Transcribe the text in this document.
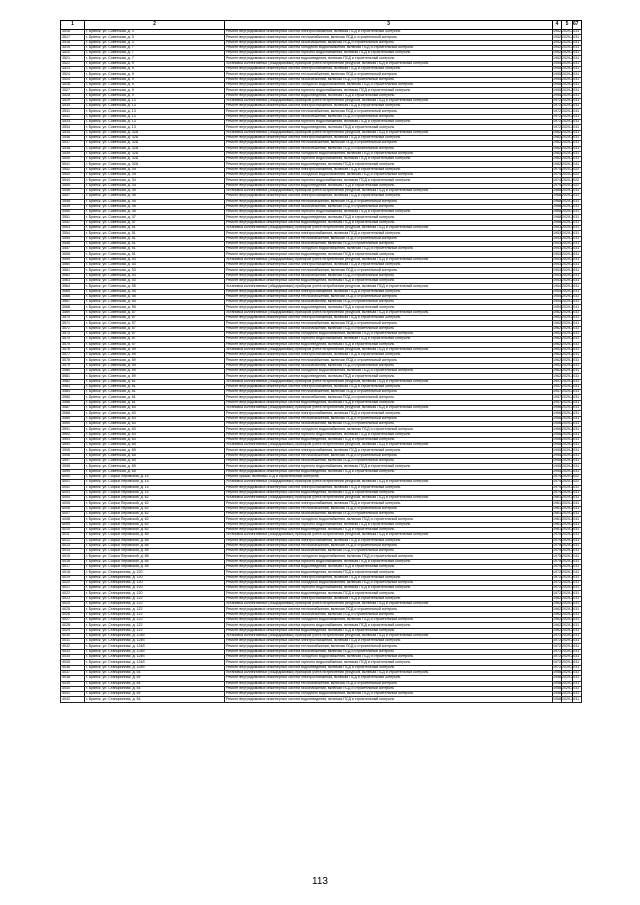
1	2	3	4	5	6	7
3516	г. Брянск, ул. Советская, д. 3	Ремонт внутридомовых инженерных систем электроснабжения, включая ПСД и строительный контроль	1952	2029-2031		
3517	г. Брянск, ул. Советская, д. 3	Ремонт внутридомовых инженерных систем теплоснабжения, включая ПСД и строительный контроль	1952	2029-2031		
3518	г. Брянск, ул. Советская, д. 3	Ремонт внутридомовых инженерных систем газоснабжения, включая ПСД и строительный контроль	1952	2029-2031		
3519	г. Брянск, ул. Советская, д. 7	Ремонт внутридомовых инженерных систем холодного водоснабжения, включая ПСД и строительный контроль	1952	2029-2031		
3520	г. Брянск, ул. Советская, д. 7	Ремонт внутридомовых инженерных систем горячего водоснабжения, включая ПСД и строительный контроль	1952	2029-2031		
3521	г. Брянск, ул. Советская, д. 7	Ремонт внутридомовых инженерных систем водоотведения, включая ПСД и строительный контроль	1952	2029-2031		
3522	г. Брянск, ул. Советская, д. 9	Установка коллективных (общедомовых) приборов учета потребления ресурсов, включая ПСД и строительный контроль	1955	2029-2031		
3523	г. Брянск, ул. Советская, д. 9	Ремонт внутридомовых инженерных систем электроснабжения, включая ПСД и строительный контроль	1955	2029-2031		
3524	г. Брянск, ул. Советская, д. 9	Ремонт внутридомовых инженерных систем теплоснабжения, включая ПСД и строительный контроль	1955	2029-2031		
3525	г. Брянск, ул. Советская, д. 9	Ремонт внутридомовых инженерных систем газоснабжения, включая ПСД и строительный контроль	1955	2029-2031		
3526	г. Брянск, ул. Советская, д. 9	Ремонт внутридомовых инженерных систем холодного водоснабжения, включая ПСД и строительный контроль	1955	2029-2031		
3527	г. Брянск, ул. Советская, д. 9	Ремонт внутридомовых инженерных систем горячего водоснабжения, включая ПСД и строительный контроль	1955	2029-2031		
3528	г. Брянск, ул. Советская, д. 9	Ремонт внутридомовых инженерных систем водоотведения, включая ПСД и строительный контроль	1955	2029-2031		
3529	г. Брянск, ул. Советская, д. 13	Установка коллективных (общедомовых) приборов учета потребления ресурсов, включая ПСД и строительный контроль	1972	2029-2031		
3530	г. Брянск, ул. Советская, д. 13	Ремонт внутридомовых инженерных систем электроснабжения, включая ПСД и строительный контроль	1972	2029-2031		
3531	г. Брянск, ул. Советская, д. 13	Ремонт внутридомовых инженерных систем теплоснабжения, включая ПСД и строительный контроль	1972	2029-2031		
3532	г. Брянск, ул. Советская, д. 13	Ремонт внутридомовых инженерных систем газоснабжения, включая ПСД и строительный контроль	1972	2029-2031		
3533	г. Брянск, ул. Советская, д. 13	Ремонт внутридомовых инженерных систем горячего водоснабжения, включая ПСД и строительный контроль	1972	2029-2031		
3534	г. Брянск, ул. Советская, д. 13	Ремонт внутридомовых инженерных систем водоотведения, включая ПСД и строительный контроль	1972	2029-2031		
3535	г. Брянск, ул. Советская, д. 32А	Установка коллективных (общедомовых) приборов учета потребления ресурсов, включая ПСД и строительный контроль	1982	2029-2031		
3536	г. Брянск, ул. Советская, д. 32А	Ремонт внутридомовых инженерных систем электроснабжения, включая ПСД и строительный контроль	1982	2029-2031		
3537	г. Брянск, ул. Советская, д. 32А	Ремонт внутридомовых инженерных систем теплоснабжения, включая ПСД и строительный контроль	1982	2029-2031		
3538	г. Брянск, ул. Советская, д. 32А	Ремонт внутридомовых инженерных систем газоснабжения, включая ПСД и строительный контроль	1982	2029-2031		
3539	г. Брянск, ул. Советская, д. 32А	Ремонт внутридомовых инженерных систем холодного водоснабжения, включая ПСД и строительный контроль	1982	2029-2031		
3540	г. Брянск, ул. Советская, д. 32А	Ремонт внутридомовых инженерных систем горячего водоснабжения, включая ПСД и строительный контроль	1982	2029-2031		
3541	г. Брянск, ул. Советская, д. 32А	Ремонт внутридомовых инженерных систем водоотведения, включая ПСД и строительный контроль	1982	2029-2031		
3542	г. Брянск, ул. Советская, д. 34	Ремонт внутридомовых инженерных систем электроснабжения, включая ПСД и строительный контроль	1974	2020-2022		
3543	г. Брянск, ул. Советская, д. 34	Ремонт внутридомовых инженерных систем холодного водоснабжения, включая ПСД и строительный контроль	1974	2020-2022		
3544	г. Брянск, ул. Советская, д. 34	Ремонт внутридомовых инженерных систем горячего водоснабжения, включая ПСД и строительный контроль	1974	2020-2022		
3545	г. Брянск, ул. Советская, д. 34	Ремонт внутридомовых инженерных систем водоотведения, включая ПСД и строительный контроль	1974	2020-2022		
3546	г. Брянск, ул. Советская, д. 45	Установка коллективных (общедомовых) приборов учета потребления ресурсов, включая ПСД и строительный контроль	1968	2029-2031		
3547	г. Брянск, ул. Советская, д. 45	Ремонт внутридомовых инженерных систем электроснабжения, включая ПСД и строительный контроль	1968	2029-2031		
3548	г. Брянск, ул. Советская, д. 45	Ремонт внутридомовых инженерных систем теплоснабжения, включая ПСД и строительный контроль	1968	2029-2031		
3549	г. Брянск, ул. Советская, д. 45	Ремонт внутридомовых инженерных систем газоснабжения, включая ПСД и строительный контроль	1968	2029-2031		
3550	г. Брянск, ул. Советская, д. 45	Ремонт внутридомовых инженерных систем горячего водоснабжения, включая ПСД и строительный контроль	1968	2029-2031		
3551	г. Брянск, ул. Советская, д. 47	Ремонт внутридомовых инженерных систем водоотведения, включая ПСД и строительный контроль	1968	2029-2031		
3552	г. Брянск, ул. Советская, д. 47	Ремонт внутридомовых инженерных систем водоотведения, включая ПСД и строительный контроль	1968	2029-2031		
3553	г. Брянск, ул. Советская, д. 51	Установка коллективных (общедомовых) приборов учета потребления ресурсов, включая ПСД и строительный контроль	1953	2029-2031		
3554	г. Брянск, ул. Советская, д. 51	Ремонт внутридомовых инженерных систем электроснабжения, включая ПСД и строительный контроль	1953	2029-2031		
3555	г. Брянск, ул. Советская, д. 51	Ремонт внутридомовых инженерных систем теплоснабжения, включая ПСД и строительный контроль	1953	2029-2031		
3556	г. Брянск, ул. Советская, д. 51	Ремонт внутридомовых инженерных систем газоснабжения, включая ПСД и строительный контроль	1953	2029-2031		
3557	г. Брянск, ул. Советская, д. 51	Ремонт внутридомовых инженерных систем холодного водоснабжения, включая ПСД и строительный контроль	1953	2029-2031		
3558	г. Брянск, ул. Советская, д. 51	Ремонт внутридомовых инженерных систем водоотведения, включая ПСД и строительный контроль	1953	2029-2031		
3559	г. Брянск, ул. Советская, д. 53	Установка коллективных (общедомовых) приборов учета потребления ресурсов, включая ПСД и строительный контроль	1953	2029-2031		
3560	г. Брянск, ул. Советская, д. 53	Ремонт внутридомовых инженерных систем электроснабжения, включая ПСД и строительный контроль	1953	2029-2031		
3561	г. Брянск, ул. Советская, д. 53	Ремонт внутридомовых инженерных систем теплоснабжения, включая ПСД и строительный контроль	1953	2029-2031		
3562	г. Брянск, ул. Советская, д. 53	Ремонт внутридомовых инженерных систем газоснабжения, включая ПСД и строительный контроль	1953	2029-2031		
3563	г. Брянск, ул. Советская, д. 53	Ремонт внутридомовых инженерных систем водоотведения, включая ПСД и строительный контроль	1953	2029-2031		
3564	г. Брянск, ул. Советская, д. 55	Установка коллективных (общедомовых) приборов учета потребления ресурсов, включая ПСД и строительный контроль	1954	2029-2031		
3565	г. Брянск, ул. Советская, д. 55	Ремонт внутридомовых инженерных систем электроснабжения, включая ПСД и строительный контроль	1954	2029-2031		
3566	г. Брянск, ул. Советская, д. 55	Ремонт внутридомовых инженерных систем теплоснабжения, включая ПСД и строительный контроль	1954	2029-2031		
3567	г. Брянск, ул. Советская, д. 55	Ремонт внутридомовых инженерных систем газоснабжения, включая ПСД и строительный контроль	1954	2029-2031		
3568	г. Брянск, ул. Советская, д. 55	Ремонт внутридомовых инженерных систем водоотведения, включая ПСД и строительный контроль	1954	2029-2031		
3569	г. Брянск, ул. Советская, д. 57	Установка коллективных (общедомовых) приборов учета потребления ресурсов, включая ПСД и строительный контроль	1962	2029-2031		
3570	г. Брянск, ул. Советская, д. 57	Ремонт внутридомовых инженерных систем электроснабжения, включая ПСД и строительный контроль	1962	2029-2031		
3571	г. Брянск, ул. Советская, д. 57	Ремонт внутридомовых инженерных систем теплоснабжения, включая ПСД и строительный контроль	1962	2029-2031		
3572	г. Брянск, ул. Советская, д. 57	Ремонт внутридомовых инженерных систем газоснабжения, включая ПСД и строительный контроль	1962	2029-2031		
3573	г. Брянск, ул. Советская, д. 57	Ремонт внутридомовых инженерных систем холодного водоснабжения, включая ПСД и строительный контроль	1962	2029-2031		
3574	г. Брянск, ул. Советская, д. 57	Ремонт внутридомовых инженерных систем горячего водоснабжения, включая ПСД и строительный контроль	1962	2029-2031		
3575	г. Брянск, ул. Советская, д. 57	Ремонт внутридомовых инженерных систем водоотведения, включая ПСД и строительный контроль	1962	2029-2031		
3576	г. Брянск, ул. Советская, д. 59	Установка коллективных (общедомовых) приборов учета потребления ресурсов, включая ПСД и строительный контроль	1962	2029-2031		
3577	г. Брянск, ул. Советская, д. 59	Ремонт внутридомовых инженерных систем электроснабжения, включая ПСД и строительный контроль	1962	2029-2031		
3578	г. Брянск, ул. Советская, д. 59	Ремонт внутридомовых инженерных систем теплоснабжения, включая ПСД и строительный контроль	1962	2029-2031		
3579	г. Брянск, ул. Советская, д. 59	Ремонт внутридомовых инженерных систем газоснабжения, включая ПСД и строительный контроль	1962	2029-2031		
3580	г. Брянск, ул. Советская, д. 59	Ремонт внутридомовых инженерных систем холодного водоснабжения, включая ПСД и строительный контроль	1962	2029-2031		
3581	г. Брянск, ул. Советская, д. 59	Ремонт внутридомовых инженерных систем водоотведения, включая ПСД и строительный контроль	1962	2029-2031		
3582	г. Брянск, ул. Советская, д. 61	Установка коллективных (общедомовых) приборов учета потребления ресурсов, включая ПСД и строительный контроль	1957	2029-2031		
3583	г. Брянск, ул. Советская, д. 61	Ремонт внутридомовых инженерных систем электроснабжения, включая ПСД и строительный контроль	1957	2029-2031		
3584	г. Брянск, ул. Советская, д. 61	Ремонт внутридомовых инженерных систем теплоснабжения, включая ПСД и строительный контроль	1957	2029-2031		
3585	г. Брянск, ул. Советская, д. 61	Ремонт внутридомовых инженерных систем газоснабжения, включая ПСД и строительный контроль	1957	2029-2031		
3586	г. Брянск, ул. Советская, д. 61	Ремонт внутридомовых инженерных систем водоотведения, включая ПСД и строительный контроль	1957	2029-2031		
3587	г. Брянск, ул. Советская, д. 63	Установка коллективных (общедомовых) приборов учета потребления ресурсов, включая ПСД и строительный контроль	1956	2029-2031		
3588	г. Брянск, ул. Советская, д. 63	Ремонт внутридомовых инженерных систем электроснабжения, включая ПСД и строительный контроль	1956	2029-2031		
3589	г. Брянск, ул. Советская, д. 63	Ремонт внутридомовых инженерных систем теплоснабжения, включая ПСД и строительный контроль	1956	2029-2031		
3590	г. Брянск, ул. Советская, д. 63	Ремонт внутридомовых инженерных систем газоснабжения, включая ПСД и строительный контроль	1956	2029-2031		
3591	г. Брянск, ул. Советская, д. 63	Ремонт внутридомовых инженерных систем холодного водоснабжения, включая ПСД и строительный контроль	1956	2029-2031		
3592	г. Брянск, ул. Советская, д. 63	Ремонт внутридомовых инженерных систем горячего водоснабжения, включая ПСД и строительный контроль	1956	2029-2031		
3593	г. Брянск, ул. Советская, д. 63	Ремонт внутридомовых инженерных систем водоотведения, включая ПСД и строительный контроль	1956	2029-2031		
3594	г. Брянск, ул. Советская, д. 65	Установка коллективных (общедомовых) приборов учета потребления ресурсов, включая ПСД и строительный контроль	1955	2029-2031		
3595	г. Брянск, ул. Советская, д. 65	Ремонт внутридомовых инженерных систем электроснабжения, включая ПСД и строительный контроль	1955	2029-2031		
3596	г. Брянск, ул. Советская, д. 65	Ремонт внутридомовых инженерных систем теплоснабжения, включая ПСД и строительный контроль	1955	2029-2031		
3597	г. Брянск, ул. Советская, д. 65	Ремонт внутридомовых инженерных систем газоснабжения, включая ПСД и строительный контроль	1955	2029-2031		
3598	г. Брянск, ул. Советская, д. 65	Ремонт внутридомовых инженерных систем горячего водоснабжения, включая ПСД и строительный контроль	1955	2029-2031		
3599	г. Брянск, ул. Советская, д. 65	Ремонт внутридомовых инженерных систем водоотведения, включая ПСД и строительный контроль	1955	2029-2031		
4000	г. Брянск, ул. Софьи Перовской, д. 14	Ремонт крыши, включая ПСД и строительный контроль	1974	2020-2022		
4001	г. Брянск, ул. Софьи Перовской, д. 14	Установка коллективных (общедомовых) приборов учета потребления ресурсов, включая ПСД и строительный контроль	1974	2020-2022		
4002	г. Брянск, ул. Софьи Перовской, д. 14	Ремонт внутридомовых инженерных систем электроснабжения, включая ПСД и строительный контроль	1974	2029-2031		
4003	г. Брянск, ул. Софьи Перовской, д. 14	Ремонт внутридомовых инженерных систем водоотведения, включая ПСД и строительный контроль	1974	2029-2031		
4004	г. Брянск, ул. Софьи Перовской, д. 62	Установка коллективных (общедомовых) приборов учета потребления ресурсов, включая ПСД и строительный контроль	1961	2029-2031		
4005	г. Брянск, ул. Софьи Перовской, д. 62	Ремонт внутридомовых инженерных систем электроснабжения, включая ПСД и строительный контроль	1961	2029-2031		
4006	г. Брянск, ул. Софьи Перовской, д. 62	Ремонт внутридомовых инженерных систем теплоснабжения, включая ПСД и строительный контроль	1961	2029-2031		
4007	г. Брянск, ул. Софьи Перовской, д. 62	Ремонт внутридомовых инженерных систем газоснабжения, включая ПСД и строительный контроль	1961	2029-2031		
4008	г. Брянск, ул. Софьи Перовской, д. 62	Ремонт внутридомовых инженерных систем холодного водоснабжения, включая ПСД и строительный контроль	1961	2029-2031		
4009	г. Брянск, ул. Софьи Перовской, д. 62	Ремонт внутридомовых инженерных систем горячего водоснабжения, включая ПСД и строительный контроль	1961	2029-2031		
4010	г. Брянск, ул. Софьи Перовской, д. 62	Ремонт внутридомовых инженерных систем водоотведения, включая ПСД и строительный контроль	1961	2029-2031		
4011	г. Брянск, ул. Софьи Перовской, д. 85	Установка коллективных (общедомовых) приборов учета потребления ресурсов, включая ПСД и строительный контроль	1975	2029-2031		
4012	г. Брянск, ул. Софьи Перовской, д. 85	Ремонт внутридомовых инженерных систем электроснабжения, включая ПСД и строительный контроль	1975	2029-2031		
4013	г. Брянск, ул. Софьи Перовской, д. 85	Ремонт внутридомовых инженерных систем теплоснабжения, включая ПСД и строительный контроль	1975	2029-2031		
4014	г. Брянск, ул. Софьи Перовской, д. 85	Ремонт внутридомовых инженерных систем газоснабжения, включая ПСД и строительный контроль	1975	2029-2031		
4015	г. Брянск, ул. Софьи Перовской, д. 85	Ремонт внутридомовых инженерных систем холодного водоснабжения, включая ПСД и строительный контроль	1975	2029-2031		
4016	г. Брянск, ул. Софьи Перовской, д. 85	Ремонт внутридомовых инженерных систем горячего водоснабжения, включая ПСД и строительный контроль	1975	2029-2031		
4017	г. Брянск, ул. Софьи Перовской, д. 85	Ремонт внутридомовых инженерных систем водоотведения, включая ПСД и строительный контроль	1975	2029-2031		
4018	г. Брянск, ул. Станционная, д. 120	Ремонт внутридомовых инженерных систем водоотведения, включая ПСД и строительный контроль	1972	2029-2031		
4019	г. Брянск, ул. Станционная, д. 120	Ремонт внутридомовых инженерных систем электроснабжения, включая ПСД и строительный контроль	1972	2029-2031		
4020	г. Брянск, ул. Станционная, д. 120	Ремонт внутридомовых инженерных систем холодного водоснабжения, включая ПСД и строительный контроль	1972	2029-2031		
4021	г. Брянск, ул. Станционная, д. 120	Ремонт внутридомовых инженерных систем горячего водоснабжения, включая ПСД и строительный контроль	1972	2029-2031		
4022	г. Брянск, ул. Станционная, д. 120	Ремонт внутридомовых инженерных систем водоотведения, включая ПСД и строительный контроль	1972	2029-2031		
4023	г. Брянск, ул. Станционная, д. 122	Ремонт внутридомовых инженерных систем электроснабжения, включая ПСД и строительный контроль	1962	2029-2031		
4024	г. Брянск, ул. Станционная, д. 122	Установка коллективных (общедомовых) приборов учета потребления ресурсов, включая ПСД и строительный контроль	1962	2029-2031		
4025	г. Брянск, ул. Станционная, д. 122	Ремонт внутридомовых инженерных систем теплоснабжения, включая ПСД и строительный контроль	1962	2029-2031		
4026	г. Брянск, ул. Станционная, д. 122	Ремонт внутридомовых инженерных систем газоснабжения, включая ПСД и строительный контроль	1962	2029-2031		
4027	г. Брянск, ул. Станционная, д. 122	Ремонт внутридомовых инженерных систем холодного водоснабжения, включая ПСД и строительный контроль	1962	2029-2031		
4028	г. Брянск, ул. Станционная, д. 122	Ремонт внутридомовых инженерных систем горячего водоснабжения, включая ПСД и строительный контроль	1962	2029-2031		
4029	г. Брянск, ул. Станционная, д. 122	Ремонт внутридомовых инженерных систем водоотведения, включая ПСД и строительный контроль	1962	2029-2031		
4030	г. Брянск, ул. Станционная, д. 124б	Установка коллективных (общедомовых) приборов учета потребления ресурсов, включая ПСД и строительный контроль	1972	2029-2031		
4031	г. Брянск, ул. Станционная, д. 124б	Ремонт внутридомовых инженерных систем электроснабжения, включая ПСД и строительный контроль	1972	2029-2031		
4032	г. Брянск, ул. Станционная, д. 124б	Ремонт внутридомовых инженерных систем теплоснабжения, включая ПСД и строительный контроль	1972	2029-2031		
4033	г. Брянск, ул. Станционная, д. 124б	Ремонт внутридомовых инженерных систем газоснабжения, включая ПСД и строительный контроль	1972	2029-2031		
4034	г. Брянск, ул. Станционная, д. 124б	Ремонт внутридомовых инженерных систем холодного водоснабжения, включая ПСД и строительный контроль	1972	2029-2031		
4035	г. Брянск, ул. Станционная, д. 124б	Ремонт внутридомовых инженерных систем горячего водоснабжения, включая ПСД и строительный контроль	1972	2029-2031		
4036	г. Брянск, ул. Станционная, д. 124б	Ремонт внутридомовых инженерных систем водоотведения, включая ПСД и строительный контроль	1972	2029-2031		
4037	г. Брянск, ул. Станционная, д. 54	Установка коллективных (общедомовых) приборов учета потребления ресурсов, включая ПСД и строительный контроль	1958	2029-2031		
4038	г. Брянск, ул. Станционная, д. 54	Ремонт внутридомовых инженерных систем электроснабжения, включая ПСД и строительный контроль	1958	2029-2031		
4039	г. Брянск, ул. Станционная, д. 54	Ремонт внутридомовых инженерных систем теплоснабжения, включая ПСД и строительный контроль	1958	2029-2031		
4040	г. Брянск, ул. Станционная, д. 54	Ремонт внутридомовых инженерных систем газоснабжения, включая ПСД и строительный контроль	1958	2029-2031		
4041	г. Брянск, ул. Станционная, д. 54	Ремонт внутридомовых инженерных систем холодного водоснабжения, включая ПСД и строительный контроль	1958	2029-2031		
4042	г. Брянск, ул. Станционная, д. 54	Ремонт внутридомовых инженерных систем водоотведения, включая ПСД и строительный контроль	1958	2029-2031		
113
